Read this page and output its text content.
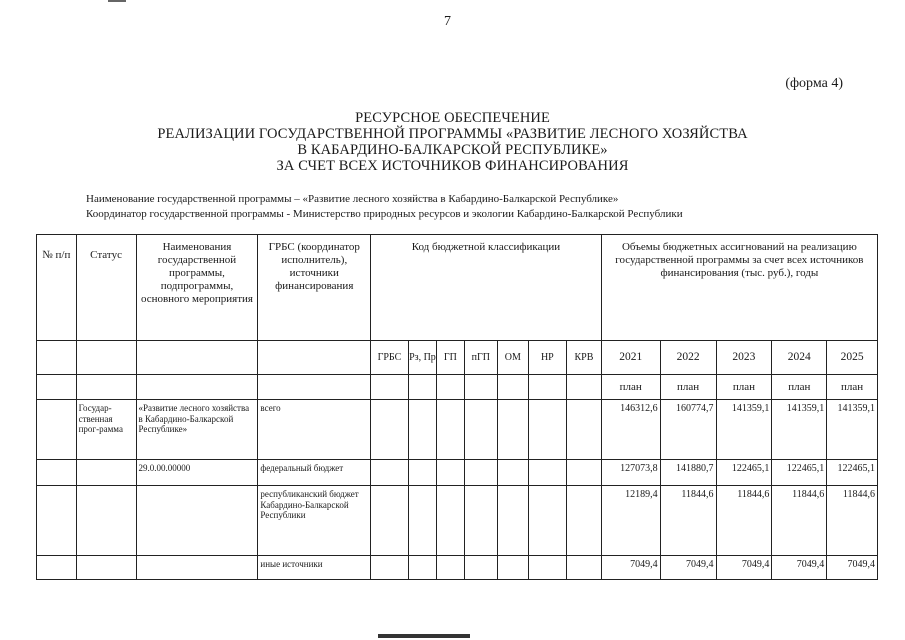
7
(форма 4)
РЕСУРСНОЕ ОБЕСПЕЧЕНИЕ
РЕАЛИЗАЦИИ ГОСУДАРСТВЕННОЙ ПРОГРАММЫ «РАЗВИТИЕ ЛЕСНОГО ХОЗЯЙСТВА
В КАБАРДИНО-БАЛКАРСКОЙ РЕСПУБЛИКЕ»
ЗА СЧЕТ ВСЕХ ИСТОЧНИКОВ ФИНАНСИРОВАНИЯ
Наименование государственной программы – «Развитие лесного хозяйства в Кабардино-Балкарской Республике»
Координатор государственной программы - Министерство природных ресурсов и экологии Кабардино-Балкарской Республики
№ п/п	Статус	Наименования государственной программы, подпрограммы, основного мероприятия	ГРБС (координатор исполнитель), источники финансирования	Код бюджетной классификации							Объемы бюджетных ассигнований на реализацию государственной программы за счет всех источников финансирования (тыс. руб.), годы				
				ГРБС	Рз, Пр	ГП	пГП	ОМ	НР	КРВ	2021	2022	2023	2024	2025
											план	план	план	план	план
	Государ-ственная прог-рамма	«Развитие лесного хозяйства в Кабардино-Балкарской Республике»	всего								146312,6	160774,7	141359,1	141359,1	141359,1
		29.0.00.00000	федеральный бюджет								127073,8	141880,7	122465,1	122465,1	122465,1
			республиканский бюджет Кабардино-Балкарской Республики								12189,4	11844,6	11844,6	11844,6	11844,6
			иные источники								7049,4	7049,4	7049,4	7049,4	7049,4
